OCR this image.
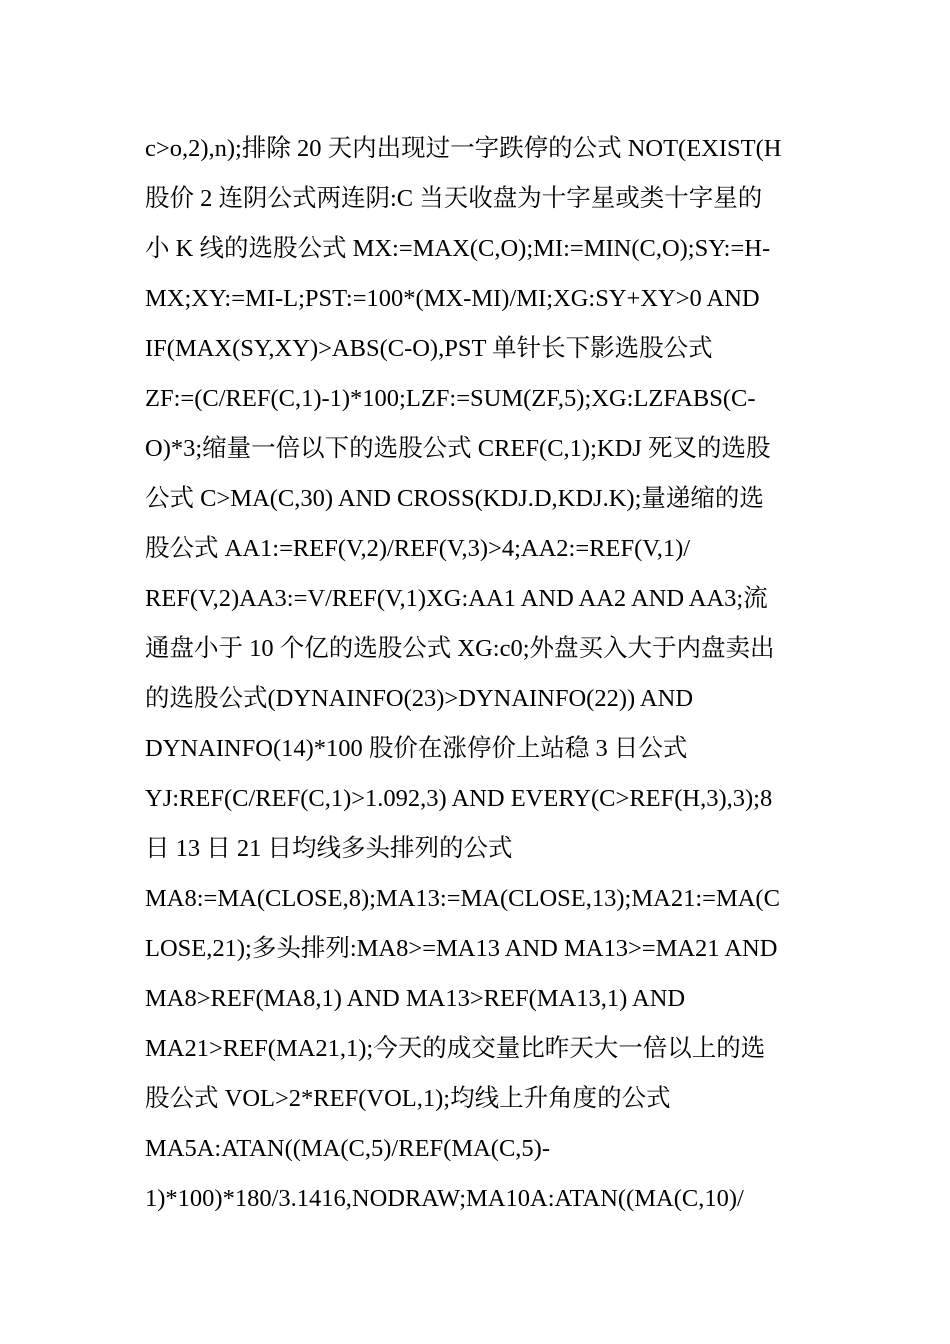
c>o,2),n);排除 20 天内出现过一字跌停的公式 NOT(EXIST(H
股价 2 连阴公式两连阴:C 当天收盘为十字星或类十字星的
小 K 线的选股公式 MX:=MAX(C,O);MI:=MIN(C,O);SY:=H-
MX;XY:=MI-L;PST:=100*(MX-MI)/MI;XG:SY+XY>0 AND
IF(MAX(SY,XY)>ABS(C-O),PST 单针长下影选股公式
ZF:=(C/REF(C,1)-1)*100;LZF:=SUM(ZF,5);XG:LZFABS(C-
O)*3;缩量一倍以下的选股公式 CREF(C,1);KDJ 死叉的选股
公式 C>MA(C,30) AND CROSS(KDJ.D,KDJ.K);量递缩的选
股公式 AA1:=REF(V,2)/REF(V,3)>4;AA2:=REF(V,1)/
REF(V,2)AA3:=V/REF(V,1)XG:AA1 AND AA2 AND AA3;流
通盘小于 10 个亿的选股公式 XG:c0;外盘买入大于内盘卖出
的选股公式(DYNAINFO(23)>DYNAINFO(22)) AND
DYNAINFO(14)*100 股价在涨停价上站稳 3 日公式
YJ:REF(C/REF(C,1)>1.092,3) AND EVERY(C>REF(H,3),3);8
日 13 日 21 日均线多头排列的公式
MA8:=MA(CLOSE,8);MA13:=MA(CLOSE,13);MA21:=MA(C
LOSE,21);多头排列:MA8>=MA13 AND MA13>=MA21 AND
MA8>REF(MA8,1) AND MA13>REF(MA13,1) AND
MA21>REF(MA21,1);今天的成交量比昨天大一倍以上的选
股公式 VOL>2*REF(VOL,1);均线上升角度的公式
MA5A:ATAN((MA(C,5)/REF(MA(C,5)-
1)*100)*180/3.1416,NODRAW;MA10A:ATAN((MA(C,10)/
